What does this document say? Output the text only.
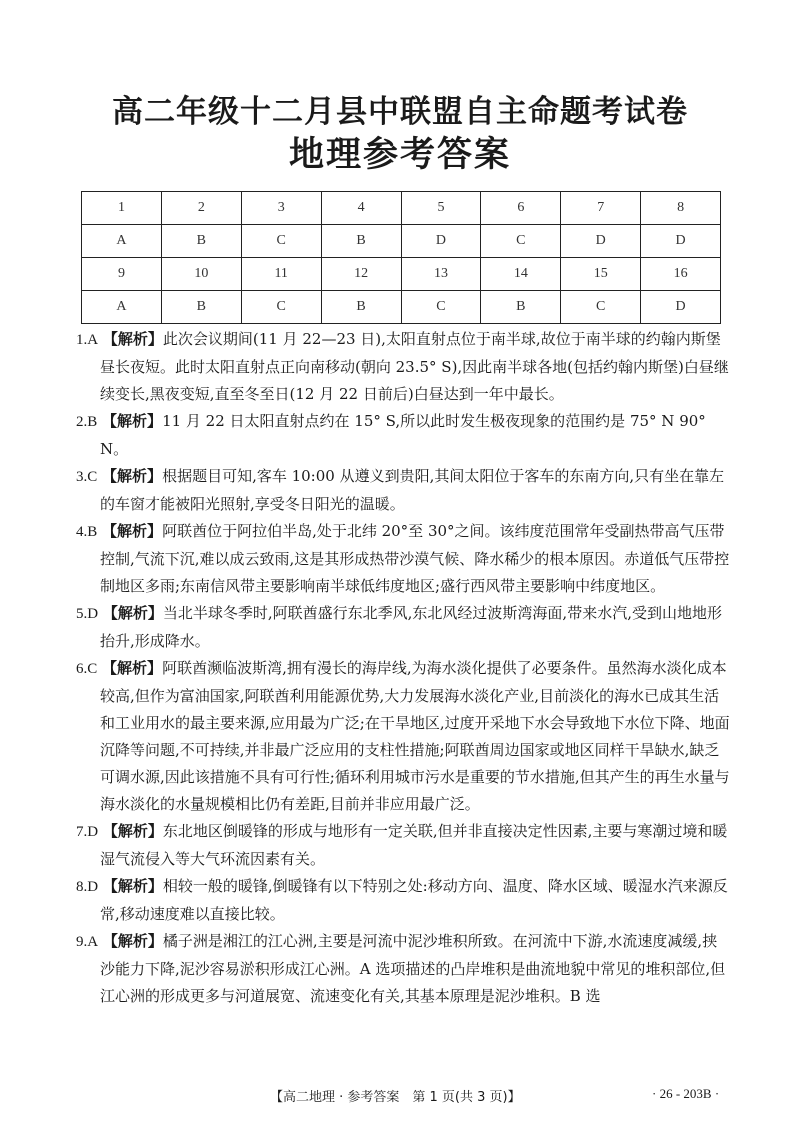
高二年级十二月县中联盟自主命题考试卷
地理参考答案
1	2	3	4	5	6	7	8
A	B	C	B	D	C	D	D
9	10	11	12	13	14	15	16
A	B	C	B	C	B	C	D

1.A 【解析】此次会议期间(11 月 22—23 日),太阳直射点位于南半球,故位于南半球的约翰内斯堡昼长夜短。此时太阳直射点正向南移动(朝向 23.5° S),因此南半球各地(包括约翰内斯堡)白昼继续变长,黑夜变短,直至冬至日(12 月 22 日前后)白昼达到一年中最长。

2.B 【解析】11 月 22 日太阳直射点约在 15° S,所以此时发生极夜现象的范围约是 75° N 90° N。

3.C 【解析】根据题目可知,客车 10:00 从遵义到贵阳,其间太阳位于客车的东南方向,只有坐在靠左的车窗才能被阳光照射,享受冬日阳光的温暖。

4.B 【解析】阿联酋位于阿拉伯半岛,处于北纬 20°至 30°之间。该纬度范围常年受副热带高气压带控制,气流下沉,难以成云致雨,这是其形成热带沙漠气候、降水稀少的根本原因。赤道低气压带控制地区多雨;东南信风带主要影响南半球低纬度地区;盛行西风带主要影响中纬度地区。

5.D 【解析】当北半球冬季时,阿联酋盛行东北季风,东北风经过波斯湾海面,带来水汽,受到山地地形抬升,形成降水。

6.C 【解析】阿联酋濒临波斯湾,拥有漫长的海岸线,为海水淡化提供了必要条件。虽然海水淡化成本较高,但作为富油国家,阿联酋利用能源优势,大力发展海水淡化产业,目前淡化的海水已成其生活和工业用水的最主要来源,应用最为广泛;在干旱地区,过度开采地下水会导致地下水位下降、地面沉降等问题,不可持续,并非最广泛应用的支柱性措施;阿联酋周边国家或地区同样干旱缺水,缺乏可调水源,因此该措施不具有可行性;循环利用城市污水是重要的节水措施,但其产生的再生水量与海水淡化的水量规模相比仍有差距,目前并非应用最广泛。

7.D 【解析】东北地区倒暖锋的形成与地形有一定关联,但并非直接决定性因素,主要与寒潮过境和暖湿气流侵入等大气环流因素有关。

8.D 【解析】相较一般的暖锋,倒暖锋有以下特别之处:移动方向、温度、降水区域、暖湿水汽来源反常,移动速度难以直接比较。

9.A 【解析】橘子洲是湘江的江心洲,主要是河流中泥沙堆积所致。在河流中下游,水流速度减缓,挟沙能力下降,泥沙容易淤积形成江心洲。A 选项描述的凸岸堆积是曲流地貌中常见的堆积部位,但江心洲的形成更多与河道展宽、流速变化有关,其基本原理是泥沙堆积。B 选

【高二地理 · 参考答案　第 1 页(共 3 页)】	· 26 - 203B ·
